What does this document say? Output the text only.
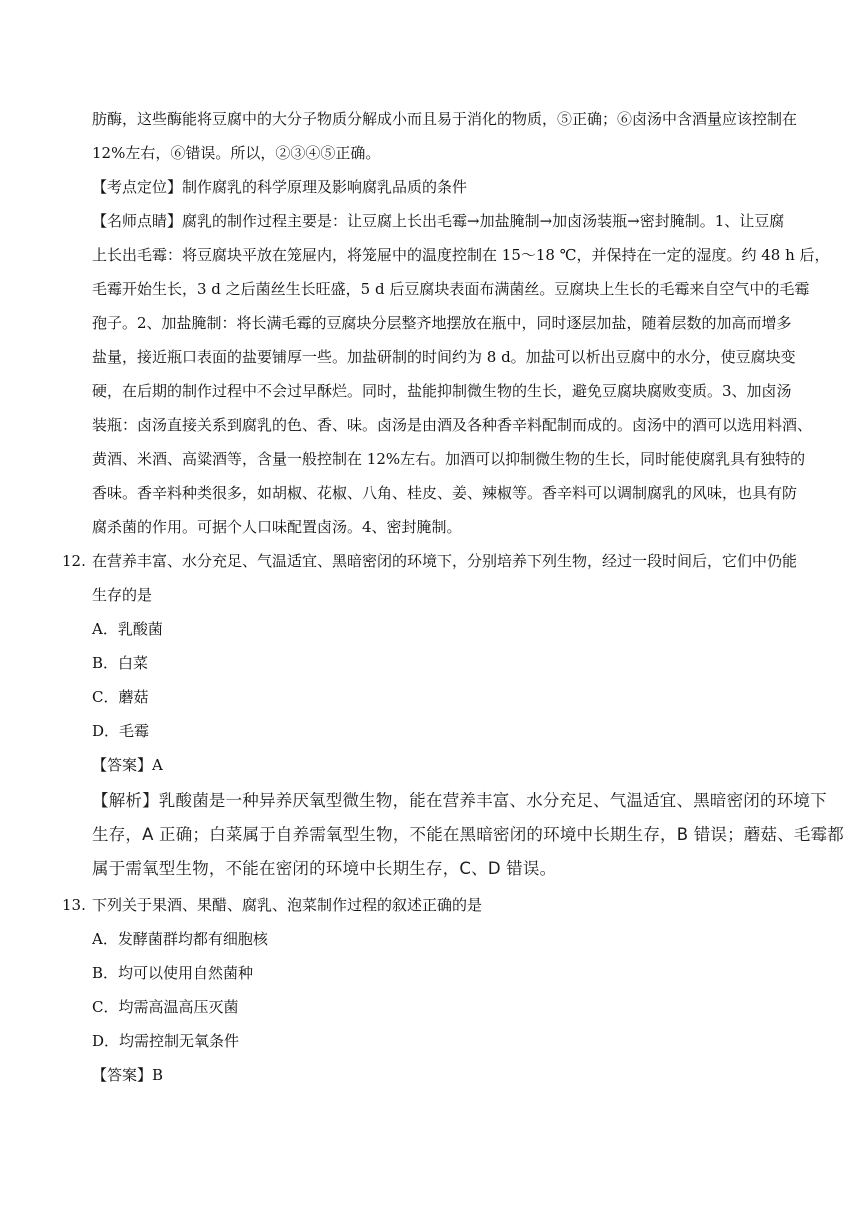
肪酶，这些酶能将豆腐中的大分子物质分解成小而且易于消化的物质，⑤正确；⑥卤汤中含酒量应该控制在
12%左右，⑥错误。所以，②③④⑤正确。
【考点定位】制作腐乳的科学原理及影响腐乳品质的条件
【名师点睛】腐乳的制作过程主要是：让豆腐上长出毛霉→加盐腌制→加卤汤装瓶→密封腌制。1、让豆腐
上长出毛霉：将豆腐块平放在笼屉内，将笼屉中的温度控制在 15～18 ℃，并保持在一定的湿度。约 48 h 后，
毛霉开始生长，3 d 之后菌丝生长旺盛，5 d 后豆腐块表面布满菌丝。豆腐块上生长的毛霉来自空气中的毛霉
孢子。2、加盐腌制：将长满毛霉的豆腐块分层整齐地摆放在瓶中，同时逐层加盐，随着层数的加高而增多
盐量，接近瓶口表面的盐要铺厚一些。加盐研制的时间约为 8 d。加盐可以析出豆腐中的水分，使豆腐块变
硬，在后期的制作过程中不会过早酥烂。同时，盐能抑制微生物的生长，避免豆腐块腐败变质。3、加卤汤
装瓶：卤汤直接关系到腐乳的色、香、味。卤汤是由酒及各种香辛料配制而成的。卤汤中的酒可以选用料酒、
黄酒、米酒、高粱酒等，含量一般控制在 12%左右。加酒可以抑制微生物的生长，同时能使腐乳具有独特的
香味。香辛料种类很多，如胡椒、花椒、八角、桂皮、姜、辣椒等。香辛料可以调制腐乳的风味，也具有防
腐杀菌的作用。可据个人口味配置卤汤。4、密封腌制。
12. 在营养丰富、水分充足、气温适宜、黑暗密闭的环境下，分别培养下列生物，经过一段时间后，它们中仍能
生存的是
A．乳酸菌
B．白菜
C．蘑菇
D．毛霉
【答案】A
【解析】乳酸菌是一种异养厌氧型微生物，能在营养丰富、水分充足、气温适宜、黑暗密闭的环境下
生存，A 正确；白菜属于自养需氧型生物，不能在黑暗密闭的环境中长期生存，B 错误；蘑菇、毛霉都
属于需氧型生物，不能在密闭的环境中长期生存，C、D 错误。
13. 下列关于果酒、果醋、腐乳、泡菜制作过程的叙述正确的是
A．发酵菌群均都有细胞核
B．均可以使用自然菌种
C．均需高温高压灭菌
D．均需控制无氧条件
【答案】B
